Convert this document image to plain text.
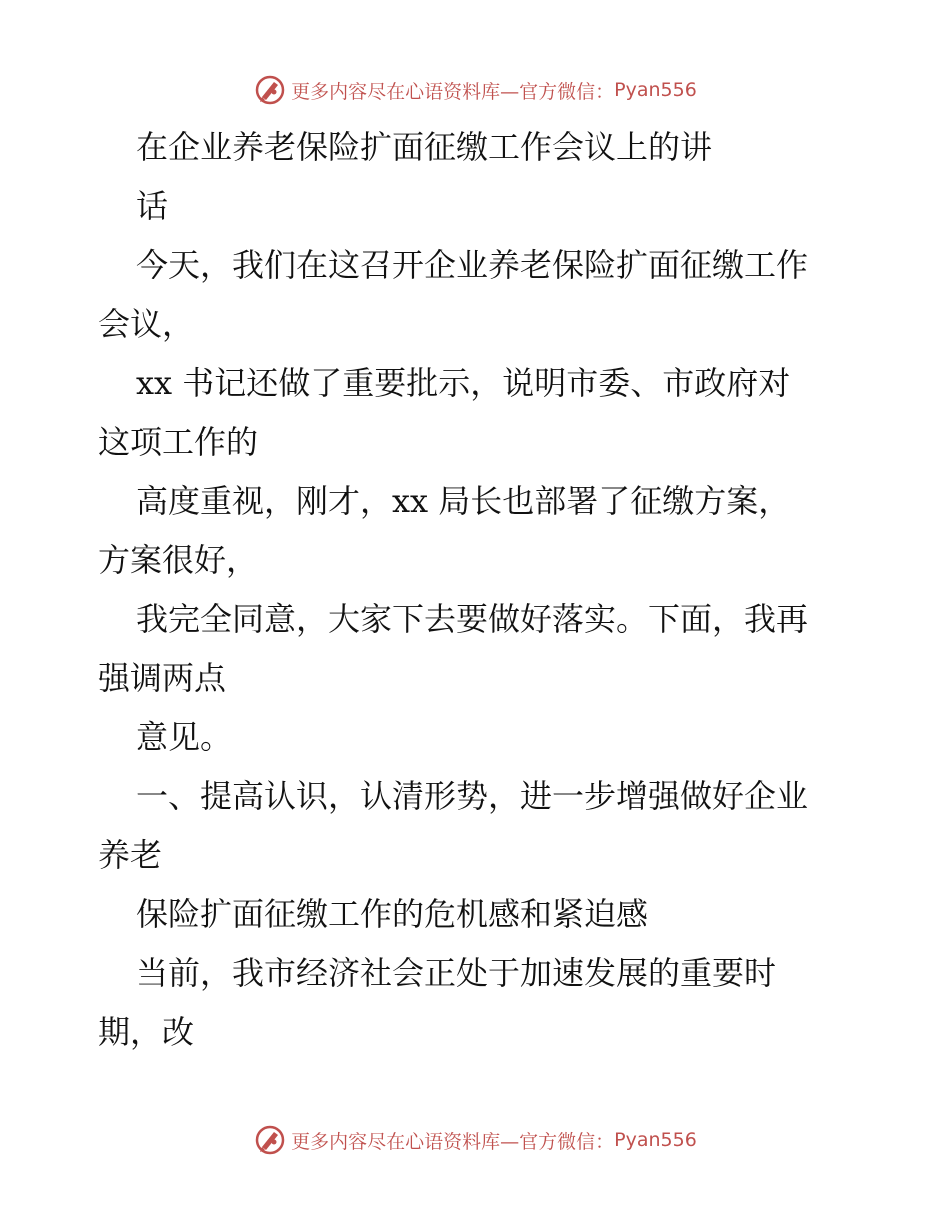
更多内容尽在心语资料库—官方微信： Pyan556
在企业养老保险扩面征缴工作会议上的讲
话
今天，我们在这召开企业养老保险扩面征缴工作
会议，
xx 书记还做了重要批示，说明市委、市政府对
这项工作的
高度重视，刚才，xx 局长也部署了征缴方案，
方案很好，
我完全同意，大家下去要做好落实。下面，我再
强调两点
意见。
一、提高认识，认清形势，进一步增强做好企业
养老
保险扩面征缴工作的危机感和紧迫感
当前，我市经济社会正处于加速发展的重要时
期，改
更多内容尽在心语资料库—官方微信： Pyan556
